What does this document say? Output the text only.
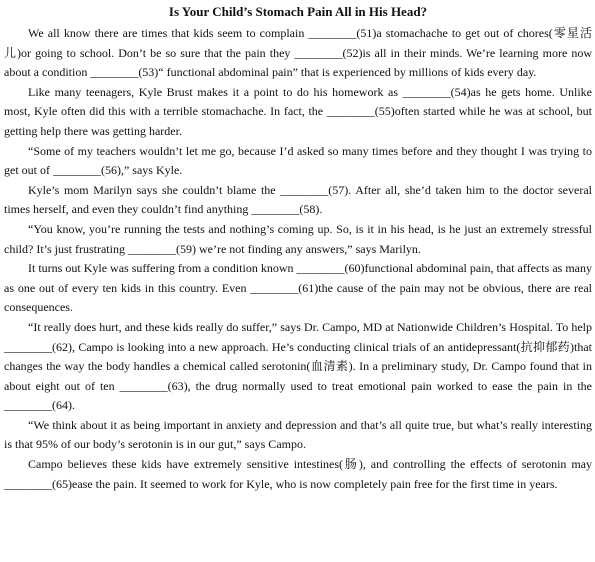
Is Your Child’s Stomach Pain All in His Head?

We all know there are times that kids seem to complain ________(51)a stomachache to get out of chores(零星活儿)or going to school. Don’t be so sure that the pain they ________(52)is all in their minds. We’re learning more now about a condition ________(53)“ functional abdominal pain” that is experienced by millions of kids every day.

Like many teenagers, Kyle Brust makes it a point to do his homework as ________(54)as he gets home. Unlike most, Kyle often did this with a terrible stomachache. In fact, the ________(55)often started while he was at school, but getting help there was getting harder.

“Some of my teachers wouldn’t let me go, because I’d asked so many times before and they thought I was trying to get out of ________(56),” says Kyle.

Kyle’s mom Marilyn says she couldn’t blame the ________(57). After all, she’d taken him to the doctor several times herself, and even they couldn’t find anything ________(58).

“You know, you’re running the tests and nothing’s coming up. So, is it in his head, is he just an extremely stressful child? It’s just frustrating ________(59) we’re not finding any answers,” says Marilyn.

It turns out Kyle was suffering from a condition known ________(60)functional abdominal pain, that affects as many as one out of every ten kids in this country. Even ________(61)the cause of the pain may not be obvious, there are real consequences.

“It really does hurt, and these kids really do suffer,” says Dr. Campo, MD at Nationwide Children’s Hospital. To help ________(62), Campo is looking into a new approach. He’s conducting clinical trials of an antidepressant(抗抑郁药)that changes the way the body handles a chemical called serotonin(血清素). In a preliminary study, Dr. Campo found that in about eight out of ten ________(63), the drug normally used to treat emotional pain worked to ease the pain in the ________(64).

“We think about it as being important in anxiety and depression and that’s all quite true, but what’s really interesting is that 95% of our body’s serotonin is in our gut,” says Campo.

Campo believes these kids have extremely sensitive intestines(肠), and controlling the effects of serotonin may ________(65)ease the pain. It seemed to work for Kyle, who is now completely pain free for the first time in years.
